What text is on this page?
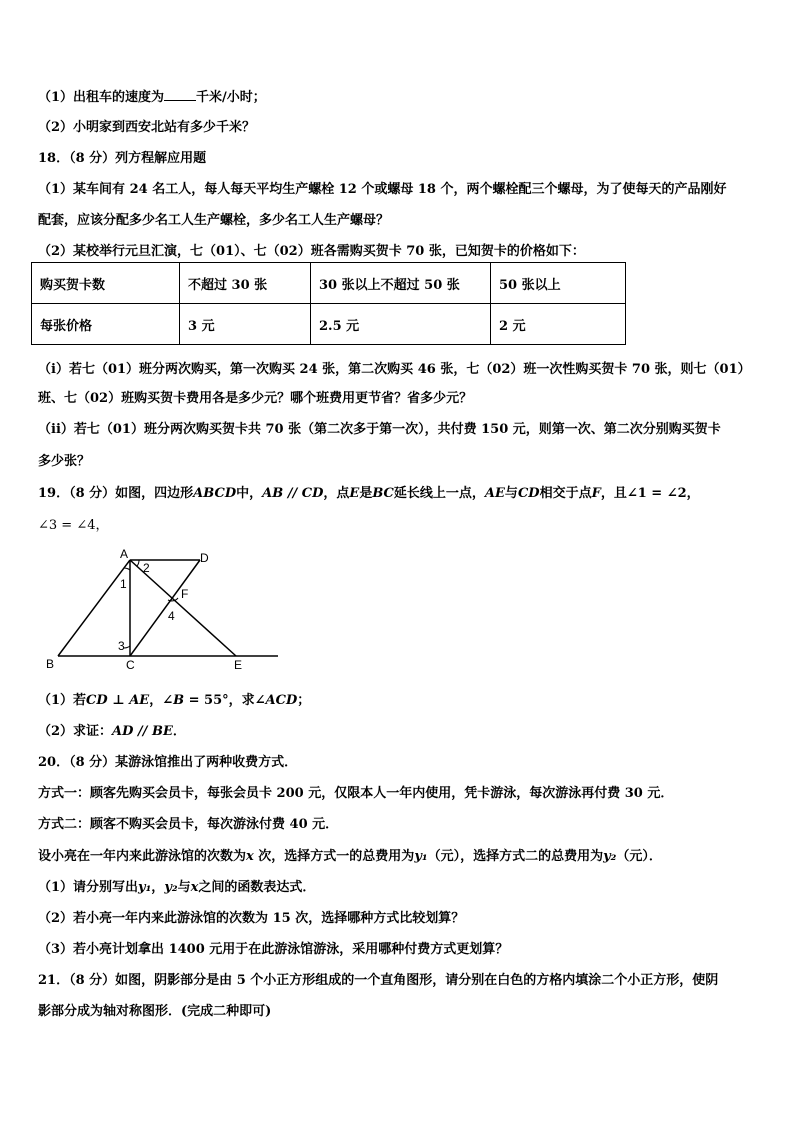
（1）出租车的速度为 千米/小时；
（2）小明家到西安北站有多少千米？
18．（8 分）列方程解应用题
（1）某车间有 24 名工人，每人每天平均生产螺栓 12 个或螺母 18 个，两个螺栓配三个螺母，为了使每天的产品刚好
配套，应该分配多少名工人生产螺栓，多少名工人生产螺母？
（2）某校举行元旦汇演，七（01）、七（02）班各需购买贺卡 70 张，已知贺卡的价格如下：
购买贺卡数	不超过 30 张	30 张以上不超过 50 张	50 张以上
每张价格	3 元	2.5 元	2 元
（i）若七（01）班分两次购买，第一次购买 24 张，第二次购买 46 张，七（02）班一次性购买贺卡 70 张，则七（01）
班、七（02）班购买贺卡费用各是多少元？哪个班费用更节省？省多少元？
（ii）若七（01）班分两次购买贺卡共 70 张（第二次多于第一次），共付费 150 元，则第一次、第二次分别购买贺卡
多少张？
19．（8 分）如图，四边形ABCD中，AB // CD，点E是BC延长线上一点，AE与CD相交于点F，且∠1 = ∠2，
∠3 = ∠4，
A	D
B	C	E
F
1
2
3
4
（1）若CD ⊥ AE，∠B = 55°，求∠ACD；
（2）求证：AD // BE．
20．（8 分）某游泳馆推出了两种收费方式．
方式一：顾客先购买会员卡，每张会员卡 200 元，仅限本人一年内使用，凭卡游泳，每次游泳再付费 30 元．
方式二：顾客不购买会员卡，每次游泳付费 40 元．
设小亮在一年内来此游泳馆的次数为x 次，选择方式一的总费用为y₁（元），选择方式二的总费用为y₂（元）．
（1）请分别写出y₁，y₂与x之间的函数表达式．
（2）若小亮一年内来此游泳馆的次数为 15 次，选择哪种方式比较划算？
（3）若小亮计划拿出 1400 元用于在此游泳馆游泳，采用哪种付费方式更划算？
21．（8 分）如图，阴影部分是由 5 个小正方形组成的一个直角图形，请分别在白色的方格内填涂二个小正方形，使阴
影部分成为轴对称图形．(完成二种即可)
